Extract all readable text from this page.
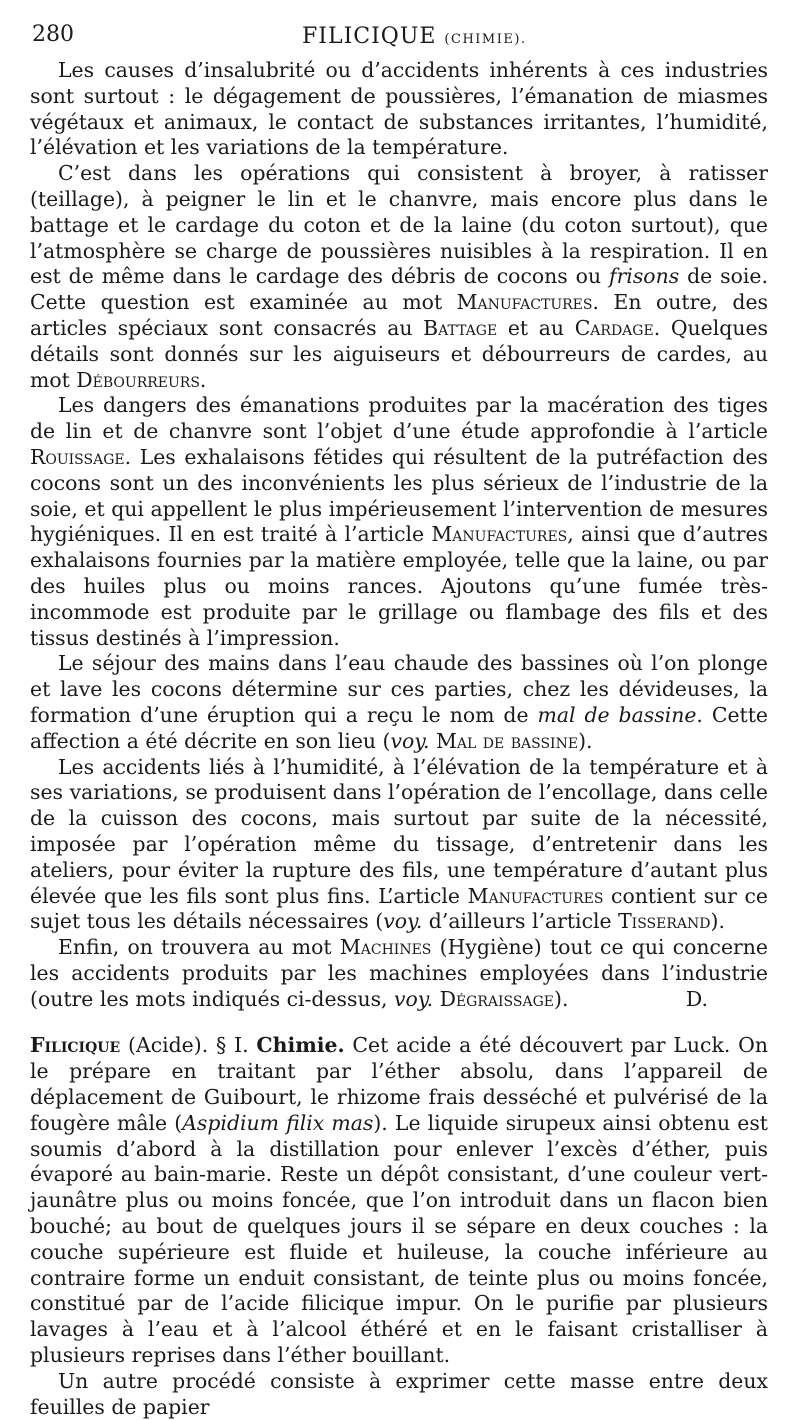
280	FILICIQUE (CHIMIE).

Les causes d’insalubrité ou d’accidents inhérents à ces industries sont surtout : le dégagement de poussières, l’émanation de miasmes végétaux et animaux, le contact de substances irritantes, l’humidité, l’élévation et les variations de la température.

C’est dans les opérations qui consistent à broyer, à ratisser (teillage), à peigner le lin et le chanvre, mais encore plus dans le battage et le cardage du coton et de la laine (du coton surtout), que l’atmosphère se charge de poussières nuisibles à la respiration. Il en est de même dans le cardage des débris de cocons ou frisons de soie. Cette question est examinée au mot Manufactures. En outre, des articles spéciaux sont consacrés au Battage et au Cardage. Quelques détails sont donnés sur les aiguiseurs et débourreurs de cardes, au mot Débourreurs.

Les dangers des émanations produites par la macération des tiges de lin et de chanvre sont l’objet d’une étude approfondie à l’article Rouissage. Les exhalaisons fétides qui résultent de la putréfaction des cocons sont un des inconvénients les plus sérieux de l’industrie de la soie, et qui appellent le plus impérieusement l’intervention de mesures hygiéniques. Il en est traité à l’article Manufactures, ainsi que d’autres exhalaisons fournies par la matière employée, telle que la laine, ou par des huiles plus ou moins rances. Ajoutons qu’une fumée très-incommode est produite par le grillage ou flambage des fils et des tissus destinés à l’impression.

Le séjour des mains dans l’eau chaude des bassines où l’on plonge et lave les cocons détermine sur ces parties, chez les dévideuses, la formation d’une éruption qui a reçu le nom de mal de bassine. Cette affection a été décrite en son lieu (voy. Mal de bassine).

Les accidents liés à l’humidité, à l’élévation de la température et à ses variations, se produisent dans l’opération de l’encollage, dans celle de la cuisson des cocons, mais surtout par suite de la nécessité, imposée par l’opération même du tissage, d’entretenir dans les ateliers, pour éviter la rupture des fils, une température d’autant plus élevée que les fils sont plus fins. L’article Manufactures contient sur ce sujet tous les détails nécessaires (voy. d’ailleurs l’article Tisserand).

Enfin, on trouvera au mot Machines (Hygiène) tout ce qui concerne les accidents produits par les machines employées dans l’industrie (outre les mots indiqués ci-dessus, voy. Dégraissage).	D.

Filicique (Acide). § I. Chimie. Cet acide a été découvert par Luck. On le prépare en traitant par l’éther absolu, dans l’appareil de déplacement de Guibourt, le rhizome frais desséché et pulvérisé de la fougère mâle (Aspidium filix mas). Le liquide sirupeux ainsi obtenu est soumis d’abord à la distillation pour enlever l’excès d’éther, puis évaporé au bain-marie. Reste un dépôt consistant, d’une couleur vert-jaunâtre plus ou moins foncée, que l’on introduit dans un flacon bien bouché; au bout de quelques jours il se sépare en deux couches : la couche supérieure est fluide et huileuse, la couche inférieure au contraire forme un enduit consistant, de teinte plus ou moins foncée, constitué par de l’acide filicique impur. On le purifie par plusieurs lavages à l’eau et à l’alcool éthéré et en le faisant cristalliser à plusieurs reprises dans l’éther bouillant.

Un autre procédé consiste à exprimer cette masse entre deux feuilles de papier
